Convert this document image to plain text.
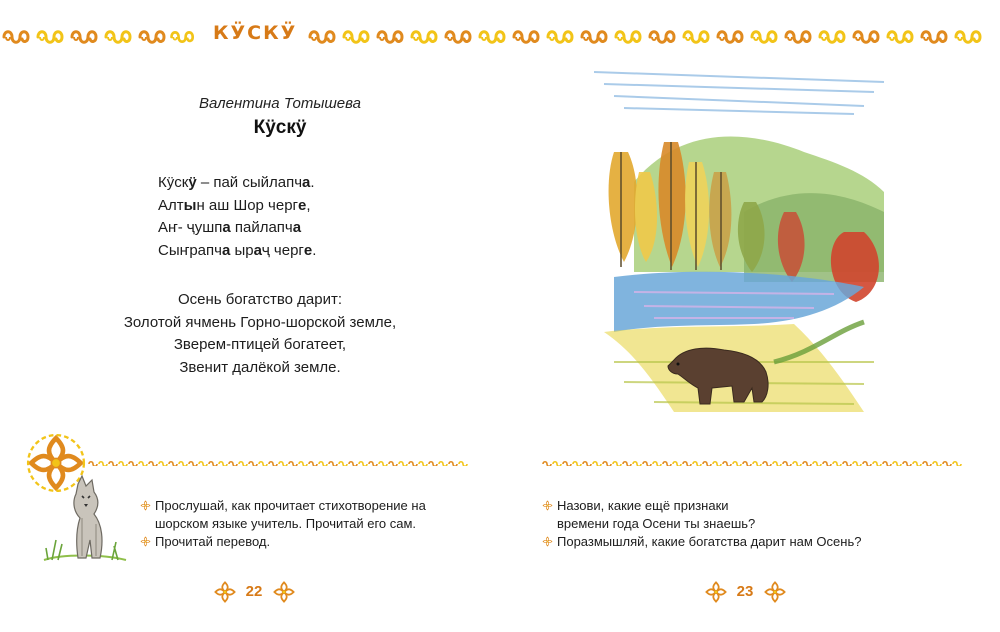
КӰСКӰ
Валентина Тотышева
Кӱскӱ
Кӱскӱ – пай сыйлапча.
Алтын аш Шор черге,
Аҥ- ҷушпа пайлапча
Сыҥрапча ыраҷ черге.
Осень богатство дарит:
Золотой ячмень Горно-шорской земле,
Зверем-птицей богатеет,
Звенит далёкой земле.
Прослушай, как прочитает стихотворение на
шорском языке учитель. Прочитай его сам.
Прочитай перевод.
22
Назови, какие ещё признаки
времени года Осени ты знаешь?
Поразмышляй, какие богатства дарит нам Осень?
23
